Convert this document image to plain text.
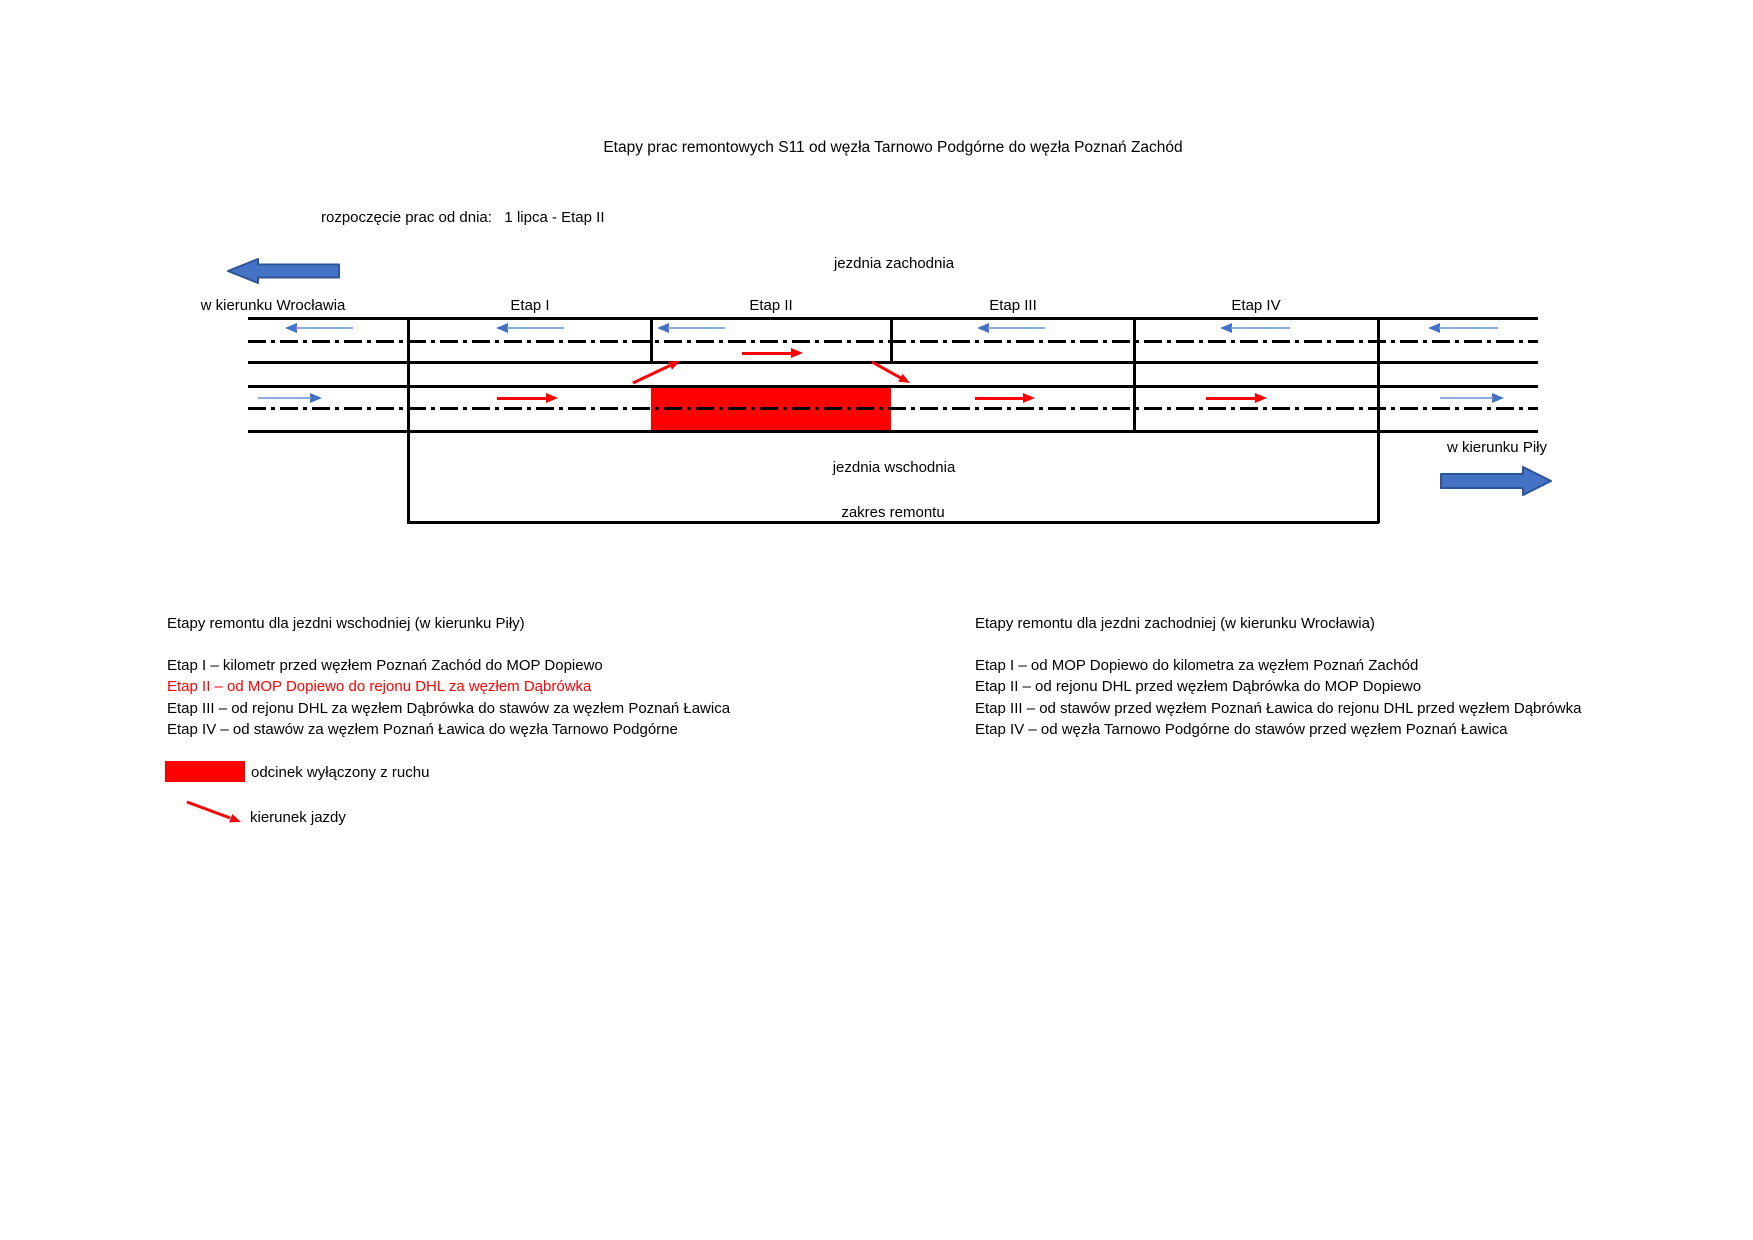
Etapy prac remontowych S11 od węzła Tarnowo Podgórne do węzła Poznań Zachód
rozpoczęcie prac od dnia:   1 lipca - Etap II
jezdnia zachodnia
w kierunku Wrocławia	Etap I	Etap II	Etap III	Etap IV
w kierunku Piły
jezdnia wschodnia
zakres remontu
Etapy remontu dla jezdni wschodniej (w kierunku Piły)
Etap I – kilometr przed węzłem Poznań Zachód do MOP Dopiewo
Etap II – od MOP Dopiewo do rejonu DHL za węzłem Dąbrówka
Etap III – od rejonu DHL za węzłem Dąbrówka do stawów za węzłem Poznań Ławica
Etap IV – od stawów za węzłem Poznań Ławica do węzła Tarnowo Podgórne
Etapy remontu dla jezdni zachodniej (w kierunku Wrocławia)
Etap I – od MOP Dopiewo do kilometra za węzłem Poznań Zachód
Etap II – od rejonu DHL przed węzłem Dąbrówka do MOP Dopiewo
Etap III – od stawów przed węzłem Poznań Ławica do rejonu DHL przed węzłem Dąbrówka
Etap IV – od węzła Tarnowo Podgórne do stawów przed węzłem Poznań Ławica
odcinek wyłączony z ruchu
kierunek jazdy
